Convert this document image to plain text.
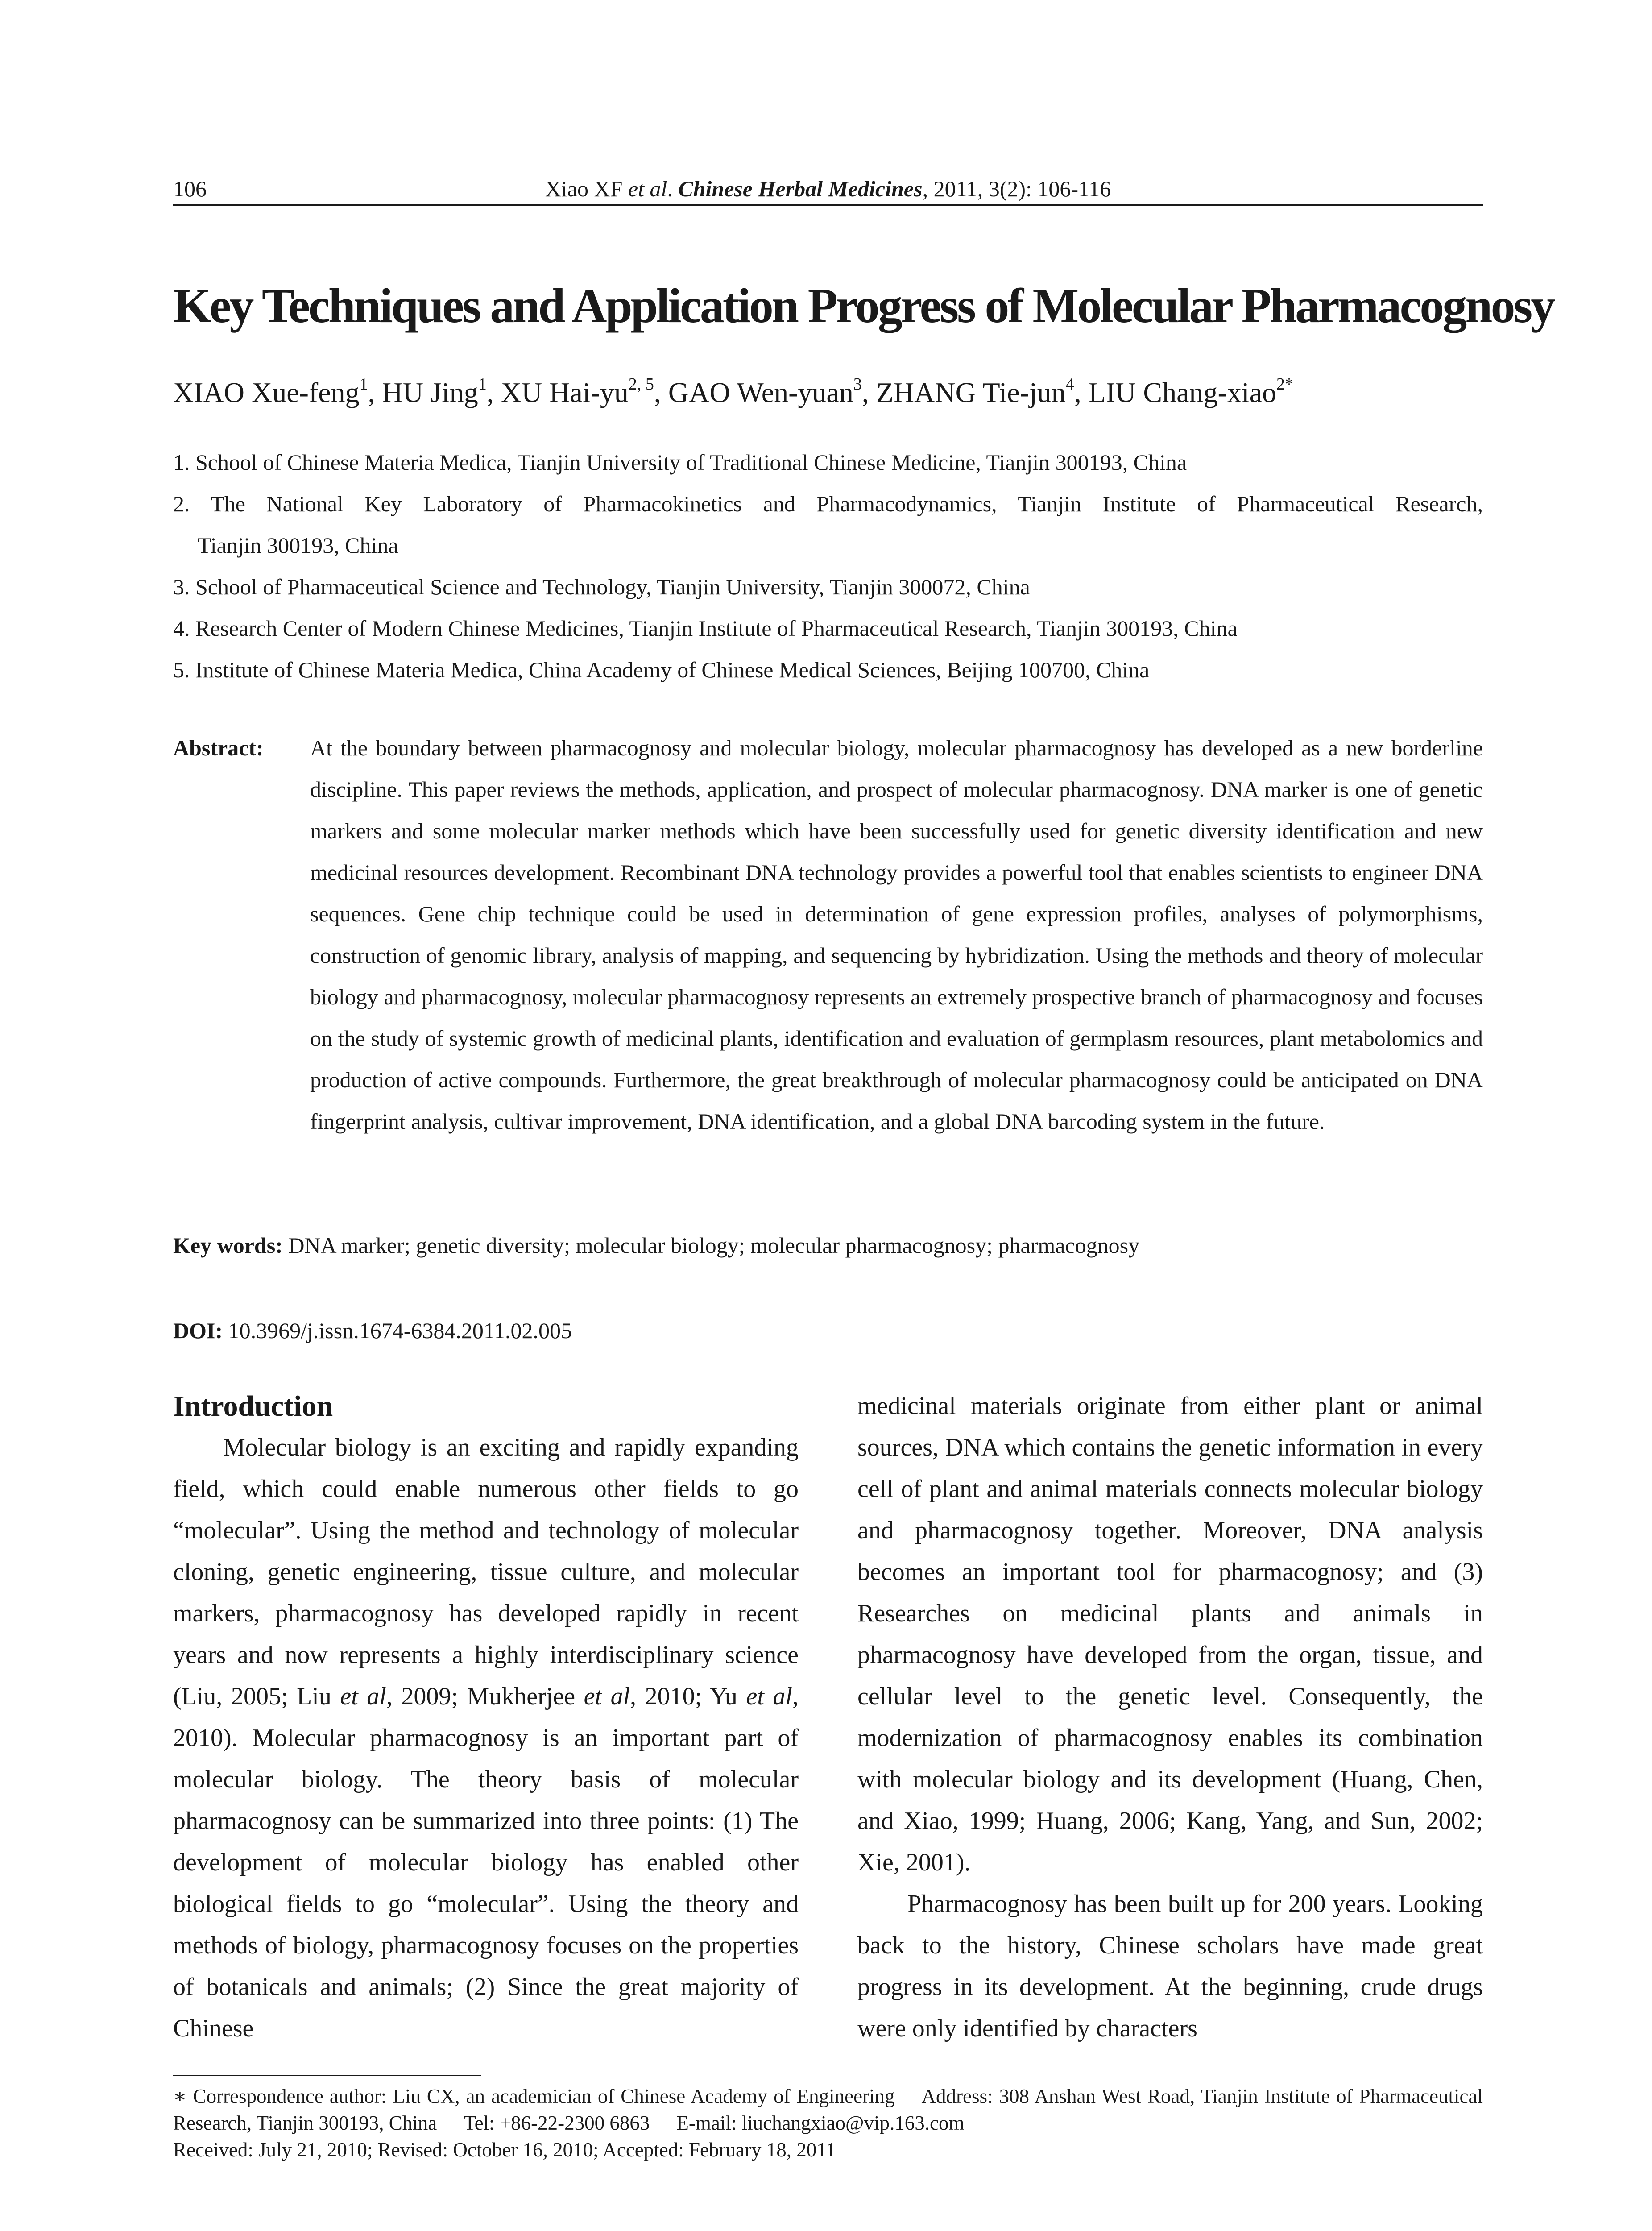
106	Xiao XF et al. Chinese Herbal Medicines, 2011, 3(2): 106-116
Key Techniques and Application Progress of Molecular Pharmacognosy
XIAO Xue-feng$^1$, HU Jing$^1$, XU Hai-yu$^{2, 5}$, GAO Wen-yuan$^3$, ZHANG Tie-jun$^4$, LIU Chang-xiao$^{2*}$
1. School of Chinese Materia Medica, Tianjin University of Traditional Chinese Medicine, Tianjin 300193, China
2. The National Key Laboratory of Pharmacokinetics and Pharmacodynamics, Tianjin Institute of Pharmaceutical Research,
Tianjin 300193, China
3. School of Pharmaceutical Science and Technology, Tianjin University, Tianjin 300072, China
4. Research Center of Modern Chinese Medicines, Tianjin Institute of Pharmaceutical Research, Tianjin 300193, China
5. Institute of Chinese Materia Medica, China Academy of Chinese Medical Sciences, Beijing 100700, China
Abstract: At the boundary between pharmacognosy and molecular biology, molecular pharmacognosy has developed as a new borderline discipline. This paper reviews the methods, application, and prospect of molecular pharmacognosy. DNA marker is one of genetic markers and some molecular marker methods which have been successfully used for genetic diversity identification and new medicinal resources development. Recombinant DNA technology provides a powerful tool that enables scientists to engineer DNA sequences. Gene chip technique could be used in determination of gene expression profiles, analyses of polymorphisms, construction of genomic library, analysis of mapping, and sequencing by hybridization. Using the methods and theory of molecular biology and pharmacognosy, molecular pharmacognosy represents an extremely prospective branch of pharmacognosy and focuses on the study of systemic growth of medicinal plants, identification and evaluation of germplasm resources, plant metabolomics and production of active compounds. Furthermore, the great breakthrough of molecular pharmacognosy could be anticipated on DNA fingerprint analysis, cultivar improvement, DNA identification, and a global DNA barcoding system in the future.
Key words: DNA marker; genetic diversity; molecular biology; molecular pharmacognosy; pharmacognosy
DOI: 10.3969/j.issn.1674-6384.2011.02.005
Introduction

Molecular biology is an exciting and rapidly expanding field, which could enable numerous other fields to go “molecular”. Using the method and technology of molecular cloning, genetic engineering, tissue culture, and molecular markers, pharmacognosy has developed rapidly in recent years and now represents a highly interdisciplinary science (Liu, 2005; Liu et al, 2009; Mukherjee et al, 2010; Yu et al, 2010). Molecular pharmacognosy is an important part of molecular biology. The theory basis of molecular pharmacognosy can be summarized into three points: (1) The development of molecular biology has enabled other biological fields to go “molecular”. Using the theory and methods of biology, pharmacognosy focuses on the properties of botanicals and animals; (2) Since the great majority of Chinese

medicinal materials originate from either plant or animal sources, DNA which contains the genetic information in every cell of plant and animal materials connects molecular biology and pharmacognosy together. Moreover, DNA analysis becomes an important tool for pharmacognosy; and (3) Researches on medicinal plants and animals in pharmacognosy have developed from the organ, tissue, and cellular level to the genetic level. Consequently, the modernization of pharmacognosy enables its combination with molecular biology and its development (Huang, Chen, and Xiao, 1999; Huang, 2006; Kang, Yang, and Sun, 2002; Xie, 2001).

Pharmacognosy has been built up for 200 years. Looking back to the history, Chinese scholars have made great progress in its development. At the beginning, crude drugs were only identified by characters

∗ Correspondence author: Liu CX, an academician of Chinese Academy of Engineering Address: 308 Anshan West Road, Tianjin Institute of Pharmaceutical Research, Tianjin 300193, China Tel: +86-22-2300 6863 E-mail: liuchangxiao@vip.163.com
Received: July 21, 2010; Revised: October 16, 2010; Accepted: February 18, 2011
